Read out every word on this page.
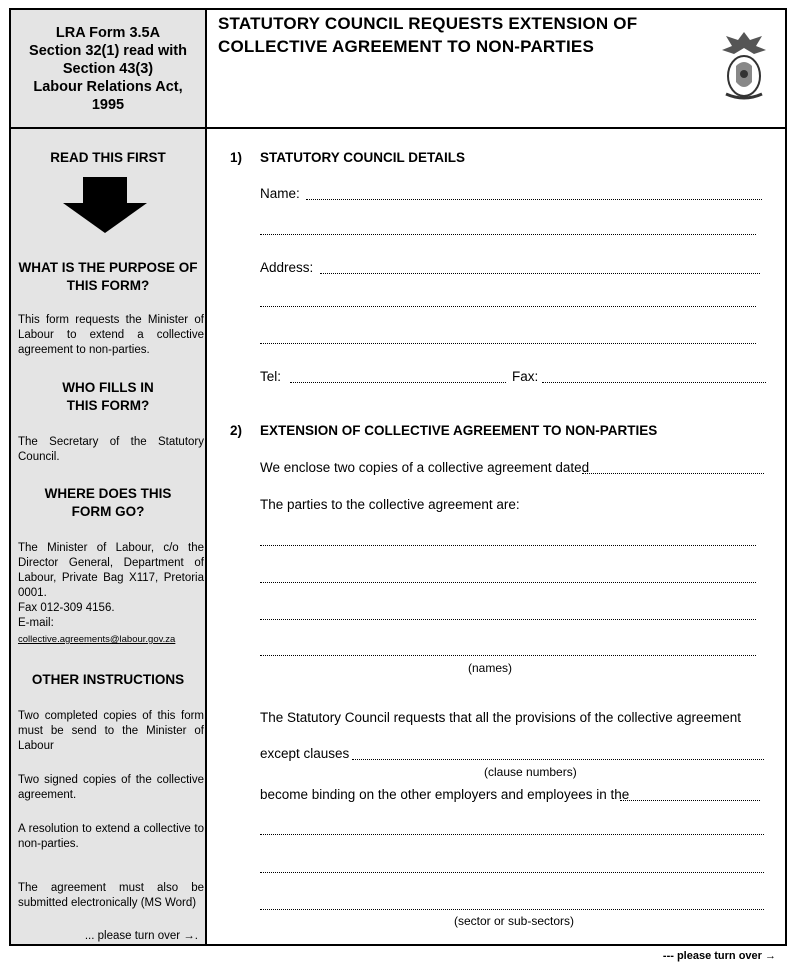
LRA Form 3.5A
Section 32(1) read with
Section 43(3)
Labour Relations Act,
1995
STATUTORY COUNCIL REQUESTS EXTENSION OF
COLLECTIVE AGREEMENT TO NON-PARTIES
READ THIS FIRST
WHAT IS THE PURPOSE OF
THIS FORM?
This form requests the Minister of Labour to extend a collective agreement to non-parties.
WHO FILLS IN
THIS FORM?
The Secretary of the Statutory Council.
WHERE DOES THIS
FORM GO?
The Minister of Labour, c/o the Director General, Department of Labour, Private Bag X117, Pretoria 0001.
Fax 012-309 4156.
E-mail:
collective.agreements@labour.gov.za
OTHER INSTRUCTIONS
Two completed copies of this form must be send to the Minister of Labour
Two signed copies of the collective agreement.
A resolution to extend a collective to non-parties.
The agreement must also be submitted electronically (MS Word)
... please turn over →.
1) STATUTORY COUNCIL DETAILS
Name:
Address:
Tel:	Fax:
2) EXTENSION OF COLLECTIVE AGREEMENT TO NON-PARTIES
We enclose two copies of a collective agreement dated
The parties to the collective agreement are:
(names)
The Statutory Council requests that all the provisions of the collective agreement
except clauses
(clause numbers)
become binding on the other employers and employees in the
(sector or sub-sectors)
--- please turn over →
